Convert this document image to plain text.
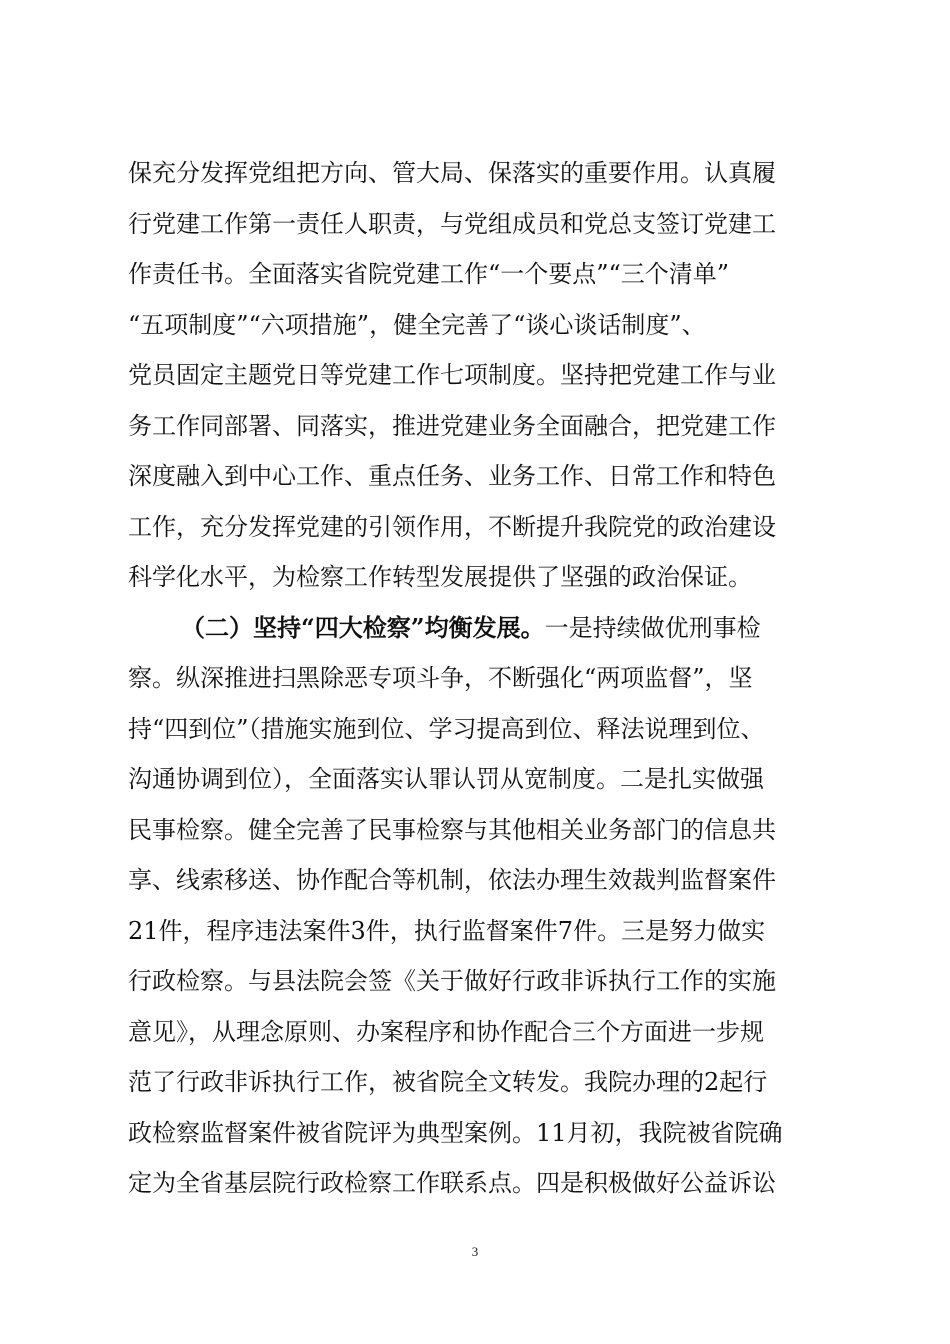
保充分发挥党组把方向、管大局、保落实的重要作用。认真履
行党建工作第一责任人职责，与党组成员和党总支签订党建工
作责任书。全面落实省院党建工作“一个要点”“三个清单”
“五项制度”“六项措施”，健全完善了“谈心谈话制度”、
党员固定主题党日等党建工作七项制度。坚持把党建工作与业
务工作同部署、同落实，推进党建业务全面融合，把党建工作
深度融入到中心工作、重点任务、业务工作、日常工作和特色
工作，充分发挥党建的引领作用，不断提升我院党的政治建设
科学化水平，为检察工作转型发展提供了坚强的政治保证。
（二）坚持“四大检察”均衡发展。一是持续做优刑事检
察。纵深推进扫黑除恶专项斗争，不断强化“两项监督”，坚
持“四到位”（措施实施到位、学习提高到位、释法说理到位、
沟通协调到位），全面落实认罪认罚从宽制度。二是扎实做强
民事检察。健全完善了民事检察与其他相关业务部门的信息共
享、线索移送、协作配合等机制，依法办理生效裁判监督案件
21件，程序违法案件3件，执行监督案件7件。三是努力做实
行政检察。与县法院会签《关于做好行政非诉执行工作的实施
意见》，从理念原则、办案程序和协作配合三个方面进一步规
范了行政非诉执行工作，被省院全文转发。我院办理的2起行
政检察监督案件被省院评为典型案例。11月初，我院被省院确
定为全省基层院行政检察工作联系点。四是积极做好公益诉讼
3
